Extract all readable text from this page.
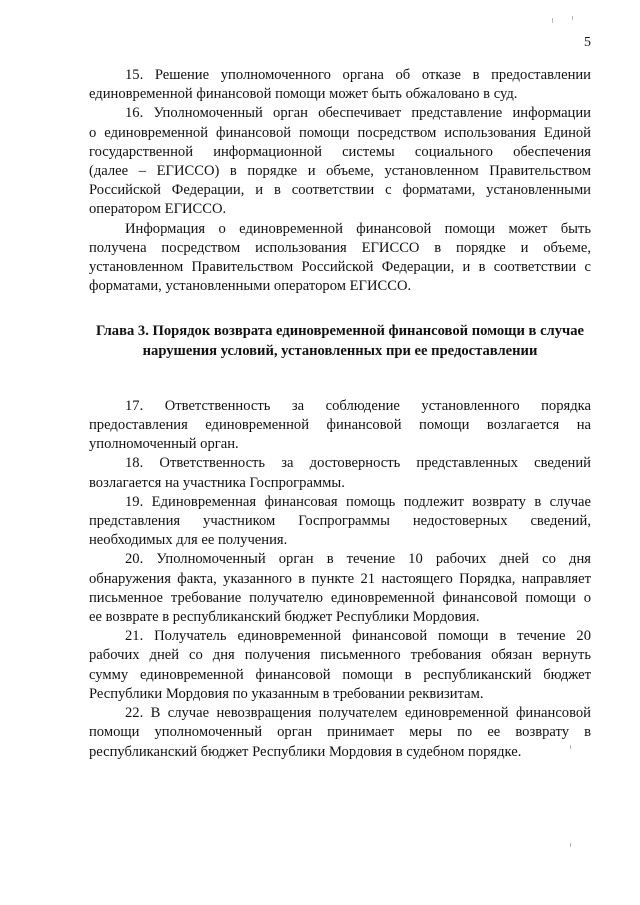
5

15. Решение уполномоченного органа об отказе в предоставлении

единовременной финансовой помощи может быть обжаловано в суд.

16. Уполномоченный орган обеспечивает представление информации

о единовременной финансовой помощи посредством использования Единой

государственной информационной системы социального обеспечения

(далее – ЕГИССО) в порядке и объеме, установленном Правительством

Российской Федерации, и в соответствии с форматами, установленными

оператором ЕГИССО.

Информация о единовременной финансовой помощи может быть

получена посредством использования ЕГИССО в порядке и объеме,

установленном Правительством Российской Федерации, и в соответствии с

форматами, установленными оператором ЕГИССО.

Глава 3. Порядок возврата единовременной финансовой помощи в случае
нарушения условий, установленных при ее предоставлении

17. Ответственность за соблюдение установленного порядка

предоставления единовременной финансовой помощи возлагается на

уполномоченный орган.

18. Ответственность за достоверность представленных сведений

возлагается на участника Госпрограммы.

19. Единовременная финансовая помощь подлежит возврату в случае

представления участником Госпрограммы недостоверных сведений,

необходимых для ее получения.

20. Уполномоченный орган в течение 10 рабочих дней со дня

обнаружения факта, указанного в пункте 21 настоящего Порядка, направляет

письменное требование получателю единовременной финансовой помощи о

ее возврате в республиканский бюджет Республики Мордовия.

21. Получатель единовременной финансовой помощи в течение 20

рабочих дней со дня получения письменного требования обязан вернуть

сумму единовременной финансовой помощи в республиканский бюджет

Республики Мордовия по указанным в требовании реквизитам.

22. В случае невозвращения получателем единовременной финансовой

помощи уполномоченный орган принимает меры по ее возврату в

республиканский бюджет Республики Мордовия в судебном порядке.
